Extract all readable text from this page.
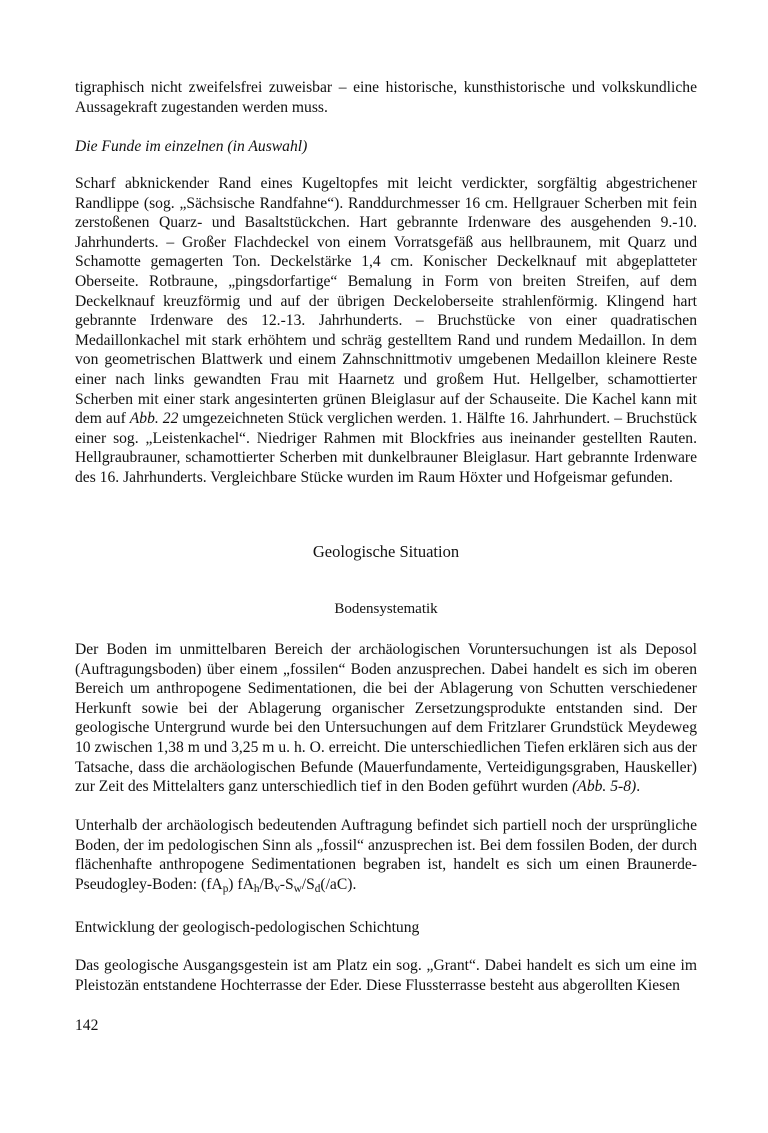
tigraphisch nicht zweifelsfrei zuweisbar – eine historische, kunsthistorische und volkskundliche Aussagekraft zugestanden werden muss.

Die Funde im einzelnen (in Auswahl)

Scharf abknickender Rand eines Kugeltopfes mit leicht verdickter, sorgfältig abgestrichener Randlippe (sog. „Sächsische Randfahne“). Randdurchmesser 16 cm. Hellgrauer Scherben mit fein zerstoßenen Quarz- und Basaltstückchen. Hart gebrannte Irdenware des ausgehenden 9.-10. Jahrhunderts. – Großer Flachdeckel von einem Vorratsgefäß aus hellbraunem, mit Quarz und Schamotte gemagerten Ton. Deckelstärke 1,4 cm. Konischer Deckelknauf mit abgeplatteter Oberseite. Rotbraune, „pingsdorfartige“ Bemalung in Form von breiten Streifen, auf dem Deckelknauf kreuzförmig und auf der übrigen Deckeloberseite strahlenförmig. Klingend hart gebrannte Irdenware des 12.-13. Jahrhunderts. – Bruchstücke von einer quadratischen Medaillonkachel mit stark erhöhtem und schräg gestelltem Rand und rundem Medaillon. In dem von geometrischen Blattwerk und einem Zahnschnittmotiv umgebenen Medaillon kleinere Reste einer nach links gewandten Frau mit Haarnetz und großem Hut. Hellgelber, schamottierter Scherben mit einer stark angesinterten grünen Bleiglasur auf der Schauseite. Die Kachel kann mit dem auf Abb. 22 umgezeichneten Stück verglichen werden. 1. Hälfte 16. Jahrhundert. – Bruchstück einer sog. „Leistenkachel“. Niedriger Rahmen mit Blockfries aus ineinander gestellten Rauten. Hellgraubrauner, schamottierter Scherben mit dunkelbrauner Bleiglasur. Hart gebrannte Irdenware des 16. Jahrhunderts. Vergleichbare Stücke wurden im Raum Höxter und Hofgeismar gefunden.

Geologische Situation

Bodensystematik

Der Boden im unmittelbaren Bereich der archäologischen Voruntersuchungen ist als Deposol (Auftragungsboden) über einem „fossilen“ Boden anzusprechen. Dabei handelt es sich im oberen Bereich um anthropogene Sedimentationen, die bei der Ablagerung von Schutten verschiedener Herkunft sowie bei der Ablagerung organischer Zersetzungsprodukte entstanden sind. Der geologische Untergrund wurde bei den Untersuchungen auf dem Fritzlarer Grundstück Meydeweg 10 zwischen 1,38 m und 3,25 m u. h. O. erreicht. Die unterschiedlichen Tiefen erklären sich aus der Tatsache, dass die archäologischen Befunde (Mauerfundamente, Verteidigungsgraben, Hauskeller) zur Zeit des Mittelalters ganz unterschiedlich tief in den Boden geführt wurden (Abb. 5-8).

Unterhalb der archäologisch bedeutenden Auftragung befindet sich partiell noch der ursprüngliche Boden, der im pedologischen Sinn als „fossil“ anzusprechen ist. Bei dem fossilen Boden, der durch flächenhafte anthropogene Sedimentationen begraben ist, handelt es sich um einen Braunerde-Pseudogley-Boden: $(fA_p)$ $fA_h/B_v-S_w/S_d(/aC)$.

Entwicklung der geologisch-pedologischen Schichtung

Das geologische Ausgangsgestein ist am Platz ein sog. „Grant“. Dabei handelt es sich um eine im Pleistozän entstandene Hochterrasse der Eder. Diese Flussterrasse besteht aus abgerollten Kiesen

142
